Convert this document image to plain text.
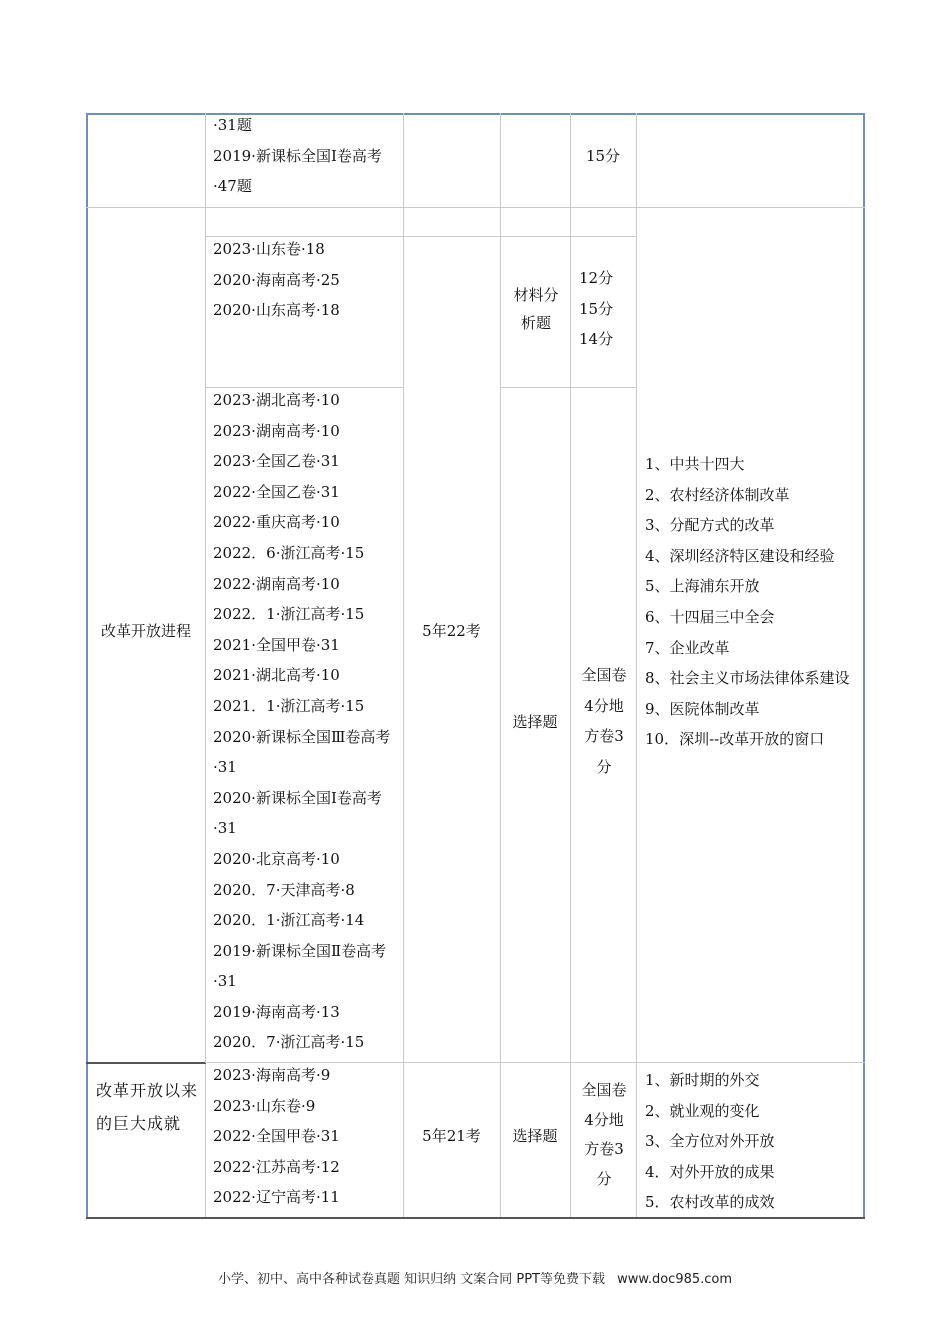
·31题
2019·新课标全国Ⅰ卷高考·47题
15分
改革开放进程	5年22考
2023·山东卷·18
2020·海南高考·25
2020·山东高考·18
材料分析题
12分
15分
14分
2023·湖北高考·10
2023·湖南高考·10
2023·全国乙卷·31
2022·全国乙卷·31
2022·重庆高考·10
2022．6·浙江高考·15
2022·湖南高考·10
2022．1·浙江高考·15
2021·全国甲卷·31
2021·湖北高考·10
2021．1·浙江高考·15
2020·新课标全国Ⅲ卷高考·31
2020·新课标全国Ⅰ卷高考·31
2020·北京高考·10
2020．7·天津高考·8
2020．1·浙江高考·14
2019·新课标全国Ⅱ卷高考·31
2019·海南高考·13
2020．7·浙江高考·15
选择题
全国卷4分地方卷3分
1、中共十四大
2、农村经济体制改革
3、分配方式的改革
4、深圳经济特区建设和经验
5、上海浦东开放
6、十四届三中全会
7、企业改革
8、社会主义市场法律体系建设
9、医院体制改革
10．深圳--改革开放的窗口
改革开放以来的巨大成就
2023·海南高考·9
2023·山东卷·9
2022·全国甲卷·31
2022·江苏高考·12
2022·辽宁高考·11
5年21考	选择题
全国卷4分地方卷3分
1、新时期的外交
2、就业观的变化
3、全方位对外开放
4．对外开放的成果
5．农村改革的成效
小学、初中、高中各种试卷真题 知识归纳 文案合同 PPT等免费下载 www.doc985.com
